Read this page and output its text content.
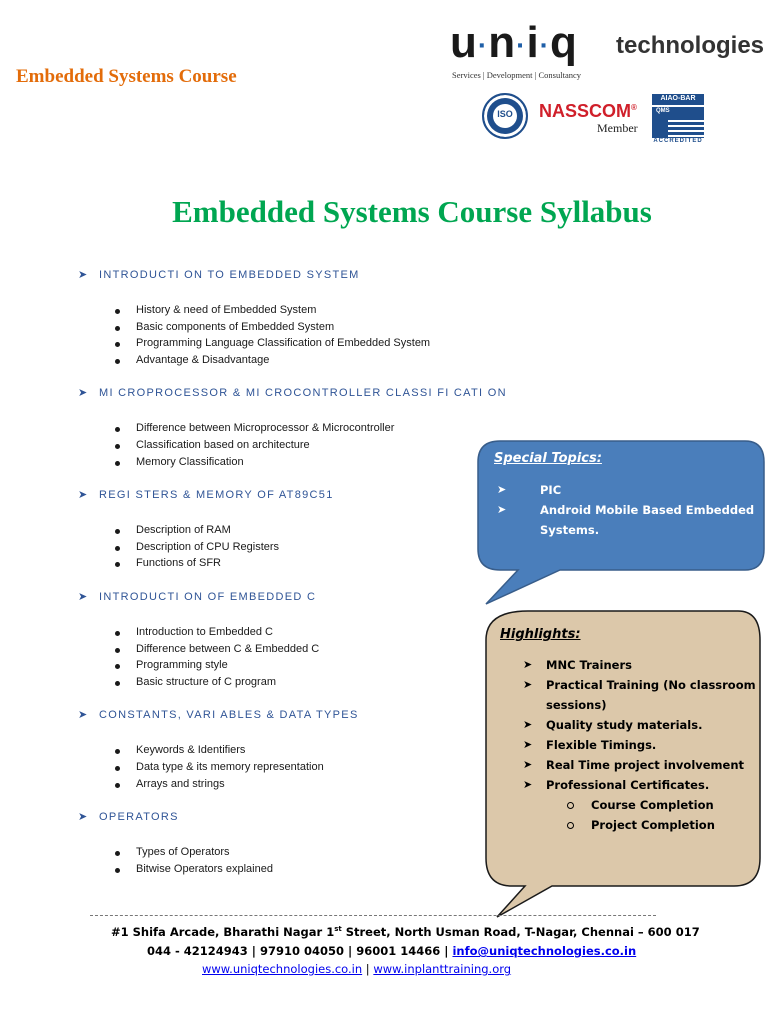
Embedded Systems Course
u·n·i·q technologies
Services | Development | Consultancy
ISO	NASSCOM®
Member
AIAO-BAR
QMS
ACCREDITED
Embedded Systems Course Syllabus
➤ INTRODUCTI ON TO EMBEDDED SYSTEM
History & need of Embedded System
Basic components of Embedded System
Programming Language Classification of Embedded System
Advantage & Disadvantage
➤ MI CROPROCESSOR & MI CROCONTROLLER CLASSI FI CATI ON
Difference between Microprocessor & Microcontroller
Classification based on architecture
Memory Classification
➤ REGI STERS & MEMORY OF AT89C51
Description of RAM
Description of CPU Registers
Functions of SFR
➤ INTRODUCTI ON OF EMBEDDED C
Introduction to Embedded C
Difference between C & Embedded C
Programming style
Basic structure of C program
➤ CONSTANTS, VARI ABLES & DATA TYPES
Keywords & Identifiers
Data type & its memory representation
Arrays and strings
➤ OPERATORS
Types of Operators
Bitwise Operators explained
Special Topics:
➤	PIC
➤	Android Mobile Based Embedded Systems.
Highlights:
➤ MNC Trainers
➤ Practical Training (No classroom sessions)
➤ Quality study materials.
➤ Flexible Timings.
➤ Real Time project involvement
➤ Professional Certificates.
Course Completion
Project Completion
#1 Shifa Arcade, Bharathi Nagar 1st Street, North Usman Road, T-Nagar, Chennai – 600 017
044 - 42124943 | 97910 04050 | 96001 14466 | info@uniqtechnologies.co.in
www.uniqtechnologies.co.in | www.inplanttraining.org
